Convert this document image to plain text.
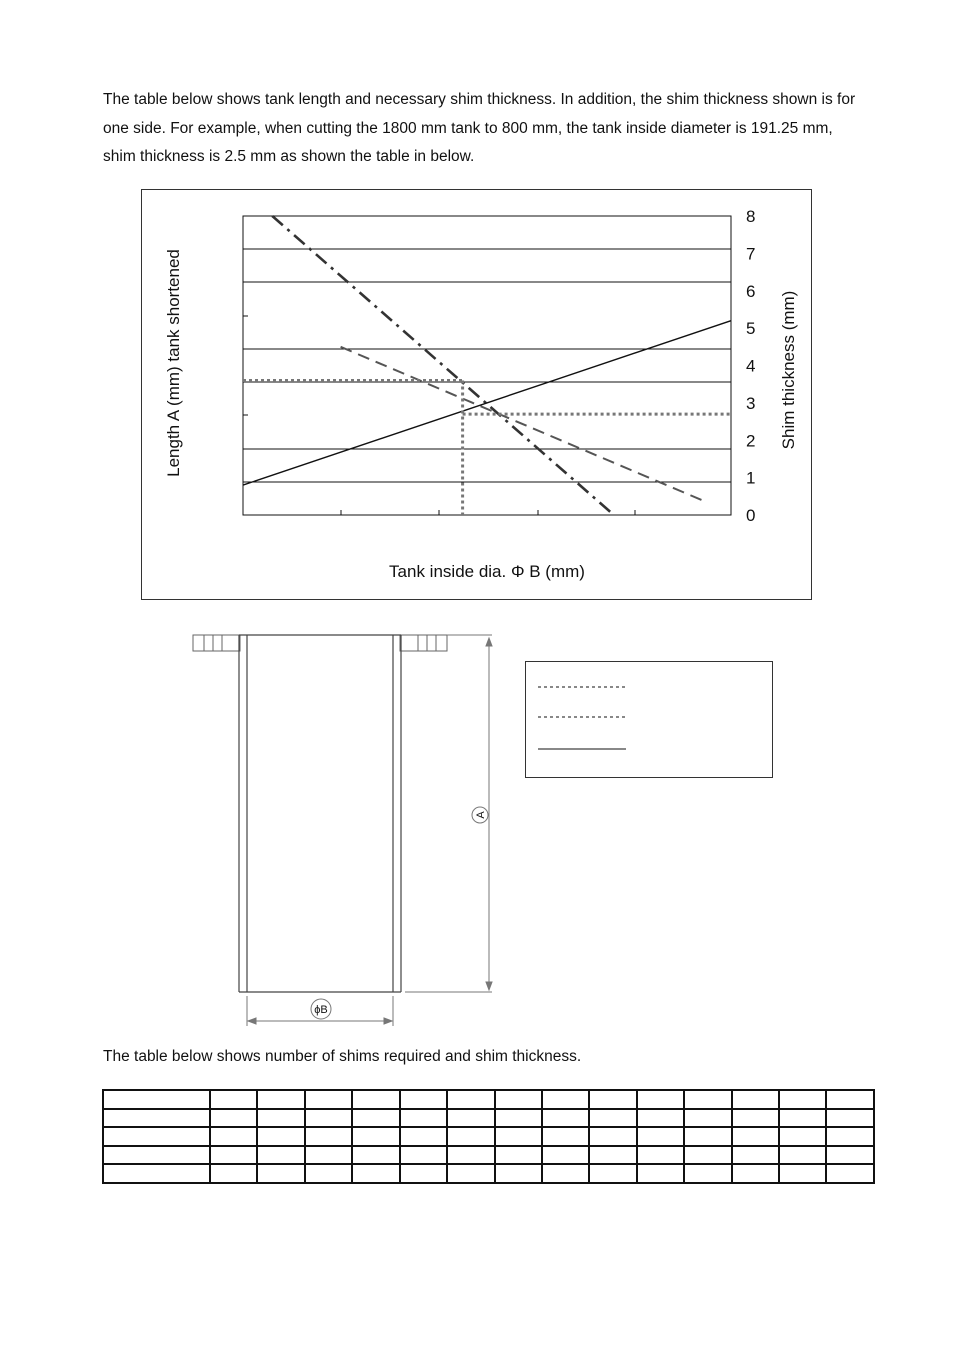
The table below shows tank length and necessary shim thickness. In addition, the shim thickness shown is for one side. For example, when cutting the 1800 mm tank to 800 mm, the tank inside diameter is 191.25 mm, shim thickness is 2.5 mm as shown the table in below.

8
7
6
5
4
3
2
1
0
Length A (mm) tank shortened	Shim thickness (mm)
Tank inside dia. Φ B (mm)
A
ϕB

The table below shows number of shims required and shim thickness.
